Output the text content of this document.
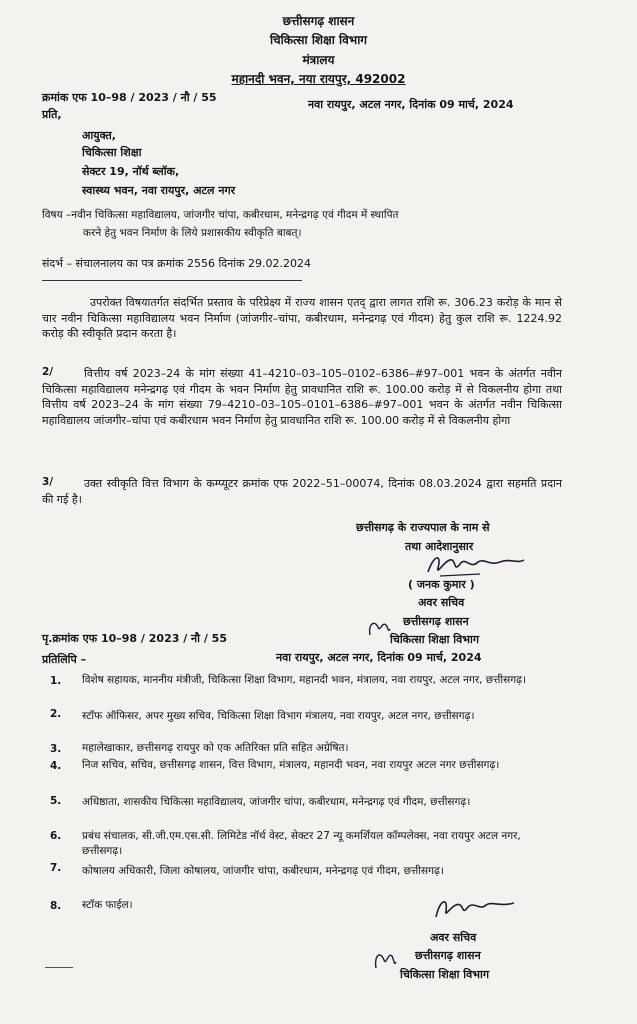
छत्तीसगढ़ शासन
चिकित्सा शिक्षा विभाग
मंत्रालय
महानदी भवन, नया रायपुर, 492002
क्रमांक एफ 10–98 / 2023 / नौ / 55
नवा रायपुर, अटल नगर, दिनांक 09 मार्च, 2024
प्रति,
आयुक्त,
चिकित्सा शिक्षा
सेक्टर 19, नॉर्थ ब्लॉक,
स्वास्थ्य भवन, नवा रायपुर, अटल नगर
विषय –नवीन चिकित्सा महाविद्यालय, जांजगीर चांपा, कबीरधाम, मनेन्द्रगढ़ एवं गीदम में स्थापित
करने हेतु भवन निर्माण के लिये प्रशासकीय स्वीकृति बाबत्।
संदर्भ – संचालनालय का पत्र क्रमांक 2556 दिनांक 29.02.2024
उपरोक्त विषयातर्गत संदर्भित प्रस्ताव के परिप्रेक्ष्य में राज्य शासन एतद् द्वारा लागत राशि रू. 306.23 करोड़ के मान से चार नवीन चिकित्सा महाविद्यालय भवन निर्माण (जांजगीर–चांपा, कबीरधाम, मनेन्द्रगढ़ एवं गीदम) हेतु कुल राशि रू. 1224.92 करोड़ की स्वीकृति प्रदान करता है।
2/	वित्तीय वर्ष 2023–24 के मांग संख्या 41–4210–03–105–0102–6386–#97–001 भवन के अंतर्गत नवीन चिकित्सा महाविद्यालय मनेन्द्रगढ़ एवं गीदम के भवन निर्माण हेतु प्रावधानित राशि रू. 100.00 करोड़ में से विकलनीय होगा तथा वित्तीय वर्ष 2023–24 के मांग संख्या 79–4210–03–105–0101–6386–#97–001 भवन के अंतर्गत नवीन चिकित्सा महाविद्यालय जांजगीर–चांपा एवं कबीरधाम भवन निर्माण हेतु प्रावधानित राशि रू. 100.00 करोड़ में से विकलनीय होगा
3/	उक्त स्वीकृति वित्त विभाग के कम्प्यूटर क्रमांक एफ 2022–51–00074, दिनांक 08.03.2024 द्वारा सहमति प्रदान की गई है।
छत्तीसगढ़ के राज्यपाल के नाम से
तथा आदेशानुसार
( जनक कुमार )
अवर सचिव
छत्तीसगढ़ शासन
चिकित्सा शिक्षा विभाग
पृ.क्रमांक एफ 10–98 / 2023 / नौ / 55
नवा रायपुर, अटल नगर, दिनांक 09 मार्च, 2024
प्रतिलिपि –
1. विशेष सहायक, माननीय मंत्रीजी, चिकित्सा शिक्षा विभाग, महानदी भवन, मंत्रालय, नवा रायपुर, अटल नगर, छत्तीसगढ़।
2. स्टॉफ ऑफिसर, अपर मुख्य सचिव, चिकित्सा शिक्षा विभाग मंत्रालय, नवा रायपुर, अटल नगर, छत्तीसगढ़।
3. महालेखाकार, छत्तीसगढ़ रायपुर को एक अतिरिक्त प्रति सहित अग्रेषित।
4. निज सचिव, सचिव, छत्तीसगढ़ शासन, वित्त विभाग, मंत्रालय, महानदी भवन, नवा रायपुर अटल नगर छत्तीसगढ़।
5. अधिष्ठाता, शासकीय चिकित्सा महाविद्यालय, जांजगीर चांपा, कबीरधाम, मनेन्द्रगढ़ एवं गीदम, छत्तीसगढ़।
6. प्रबंध संचालक, सी.जी.एम.एस.सी. लिमिटेड नॉर्थ वेस्ट, सेक्टर 27 न्यू कमर्शियल कॉम्पलेक्स, नवा रायपुर अटल नगर, छत्तीसगढ़।
7. कोषालय अधिकारी, जिला कोषालय, जांजगीर चांपा, कबीरधाम, मनेन्द्रगढ़ एवं गीदम, छत्तीसगढ़।
8. स्टॉक फाईल।
अवर सचिव
छत्तीसगढ़ शासन
चिकित्सा शिक्षा विभाग
